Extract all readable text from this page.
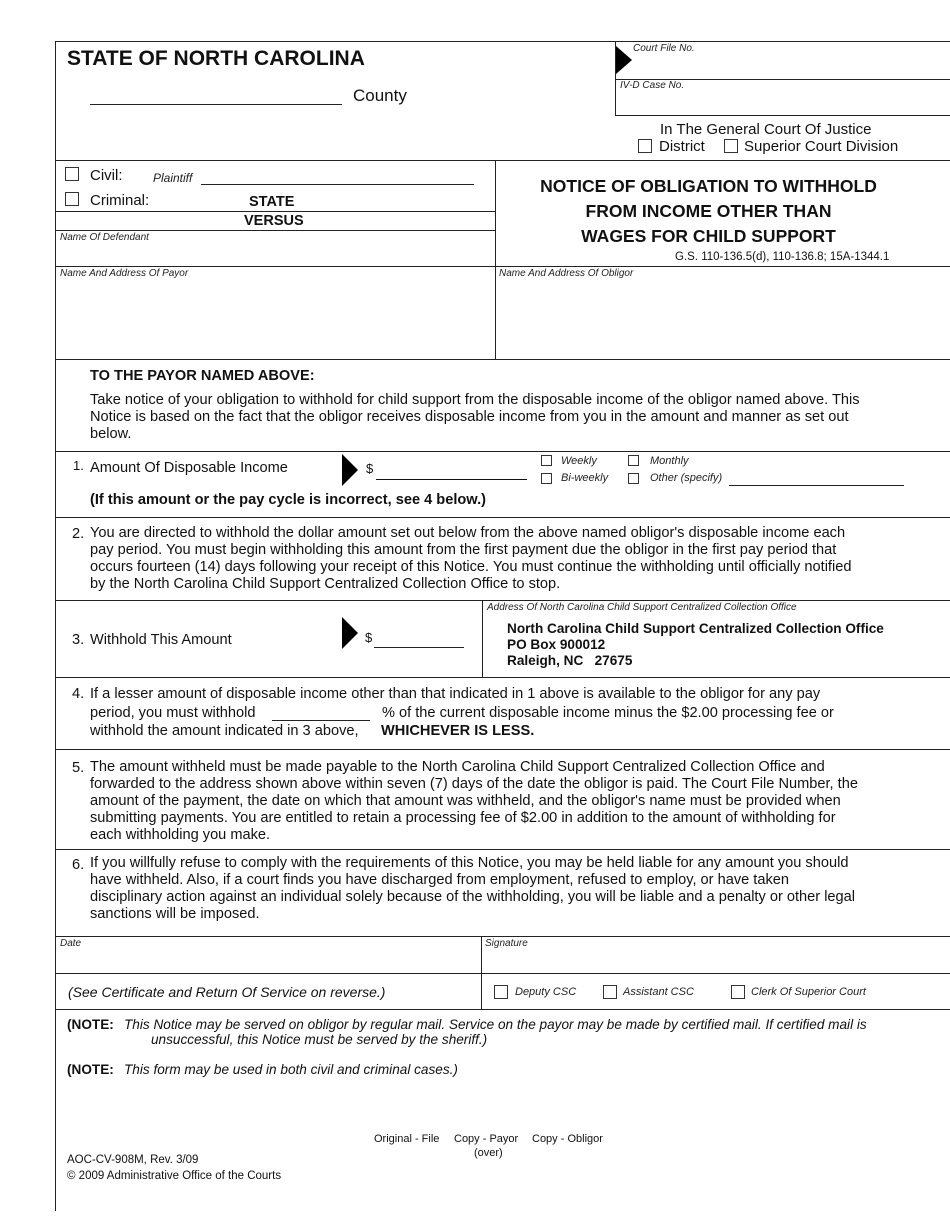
STATE OF NORTH CAROLINA
County
Court File No.
IV-D Case No.
In The General Court Of Justice
District	Superior Court Division
Civil:	Plaintiff
Criminal:	STATE
VERSUS
Name Of Defendant
Name And Address Of Payor	Name And Address Of Obligor
NOTICE OF OBLIGATION TO WITHHOLD
FROM INCOME OTHER THAN
WAGES FOR CHILD SUPPORT
G.S. 110-136.5(d), 110-136.8; 15A-1344.1
TO THE PAYOR NAMED ABOVE:
Take notice of your obligation to withhold for child support from the disposable income of the obligor named above. This
Notice is based on the fact that the obligor receives disposable income from you in the amount and manner as set out
below.
1. Amount Of Disposable Income	$	Weekly
Bi-weekly
Monthly
Other (specify)
(If this amount or the pay cycle is incorrect, see 4 below.)
2. You are directed to withhold the dollar amount set out below from the above named obligor's disposable income each
pay period. You must begin withholding this amount from the first payment due the obligor in the first pay period that
occurs fourteen (14) days following your receipt of this Notice. You must continue the withholding until officially notified
by the North Carolina Child Support Centralized Collection Office to stop.
3. Withhold This Amount	$
Address Of North Carolina Child Support Centralized Collection Office
North Carolina Child Support Centralized Collection Office
PO Box 900012
Raleigh, NC   27675
4. If a lesser amount of disposable income other than that indicated in 1 above is available to the obligor for any pay
period, you must withhold	% of the current disposable income minus the $2.00 processing fee or
withhold the amount indicated in 3 above, WHICHEVER IS LESS.
5. The amount withheld must be made payable to the North Carolina Child Support Centralized Collection Office and
forwarded to the address shown above within seven (7) days of the date the obligor is paid. The Court File Number, the
amount of the payment, the date on which that amount was withheld, and the obligor's name must be provided when
submitting payments. You are entitled to retain a processing fee of $2.00 in addition to the amount of withholding for
each withholding you make.
6. If you willfully refuse to comply with the requirements of this Notice, you may be held liable for any amount you should
have withheld. Also, if a court finds you have discharged from employment, refused to employ, or have taken
disciplinary action against an individual solely because of the withholding, you will be liable and a penalty or other legal
sanctions will be imposed.
Date	Signature
(See Certificate and Return Of Service on reverse.)	Deputy CSC	Assistant CSC	Clerk Of Superior Court
(NOTE: This Notice may be served on obligor by regular mail. Service on the payor may be made by certified mail. If certified mail is
unsuccessful, this Notice must be served by the sheriff.)
(NOTE: This form may be used in both civil and criminal cases.)
Original - File Copy - Payor Copy - Obligor
(over)
AOC-CV-908M, Rev. 3/09
© 2009 Administrative Office of the Courts
